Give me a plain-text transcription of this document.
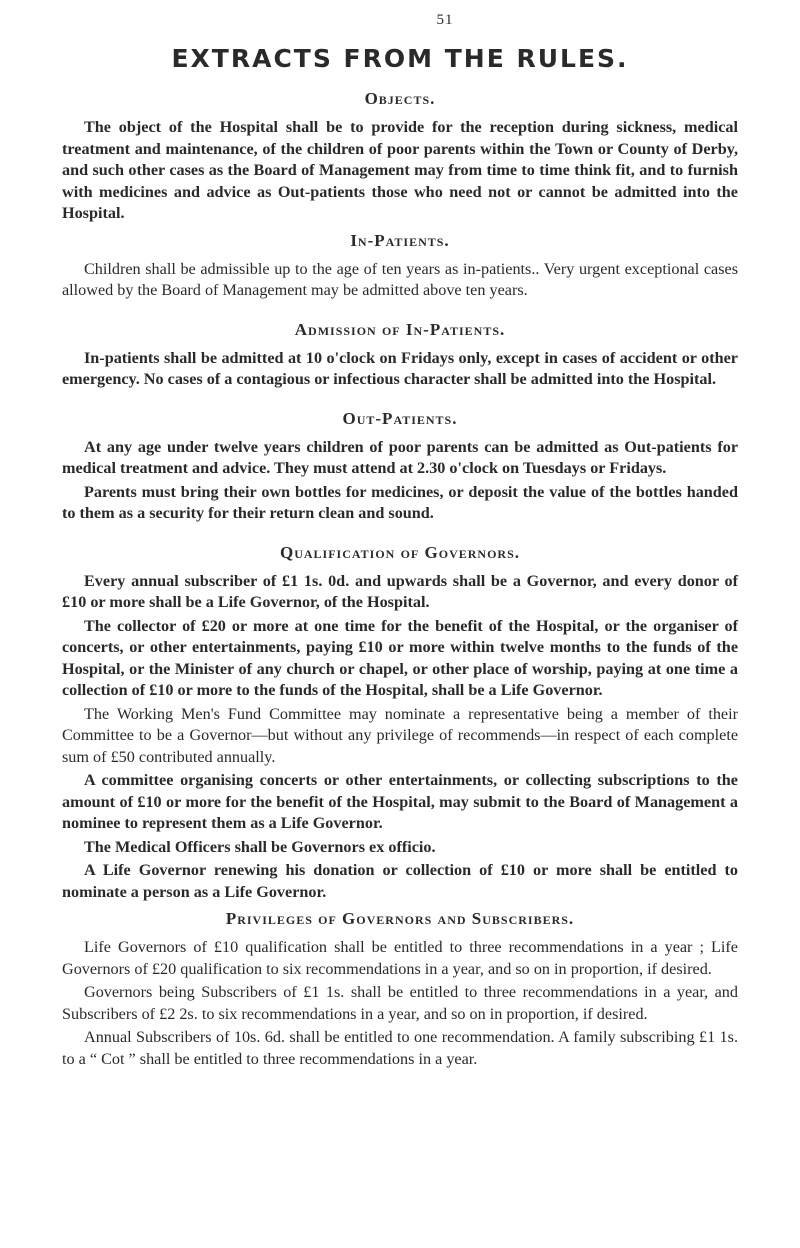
51
EXTRACTS FROM THE RULES.
Objects.

The object of the Hospital shall be to provide for the reception during sickness, medical treatment and maintenance, of the children of poor parents within the Town or County of Derby, and such other cases as the Board of Management may from time to time think fit, and to furnish with medicines and advice as Out-patients those who need not or cannot be admitted into the Hospital.

In-Patients.

Children shall be admissible up to the age of ten years as in-patients.. Very urgent exceptional cases allowed by the Board of Management may be admitted above ten years.

Admission of In-Patients.

In-patients shall be admitted at 10 o'clock on Fridays only, except in cases of accident or other emergency. No cases of a contagious or infectious character shall be admitted into the Hospital.

Out-Patients.

At any age under twelve years children of poor parents can be admitted as Out-patients for medical treatment and advice. They must attend at 2.30 o'clock on Tuesdays or Fridays.

Parents must bring their own bottles for medicines, or deposit the value of the bottles handed to them as a security for their return clean and sound.

Qualification of Governors.

Every annual subscriber of £1 1s. 0d. and upwards shall be a Governor, and every donor of £10 or more shall be a Life Governor, of the Hospital.

The collector of £20 or more at one time for the benefit of the Hospital, or the organiser of concerts, or other entertainments, paying £10 or more within twelve months to the funds of the Hospital, or the Minister of any church or chapel, or other place of worship, paying at one time a collection of £10 or more to the funds of the Hospital, shall be a Life Governor.

The Working Men's Fund Committee may nominate a representative being a member of their Committee to be a Governor—but without any privilege of recommends—in respect of each complete sum of £50 contributed annually.

A committee organising concerts or other entertainments, or collecting subscriptions to the amount of £10 or more for the benefit of the Hospital, may submit to the Board of Management a nominee to represent them as a Life Governor.

The Medical Officers shall be Governors ex officio.

A Life Governor renewing his donation or collection of £10 or more shall be entitled to nominate a person as a Life Governor.

Privileges of Governors and Subscribers.

Life Governors of £10 qualification shall be entitled to three recommendations in a year ; Life Governors of £20 qualification to six recommendations in a year, and so on in proportion, if desired.

Governors being Subscribers of £1 1s. shall be entitled to three recommendations in a year, and Subscribers of £2 2s. to six recommendations in a year, and so on in proportion, if desired.

Annual Subscribers of 10s. 6d. shall be entitled to one recommendation. A family subscribing £1 1s. to a “ Cot ” shall be entitled to three recommendations in a year.
